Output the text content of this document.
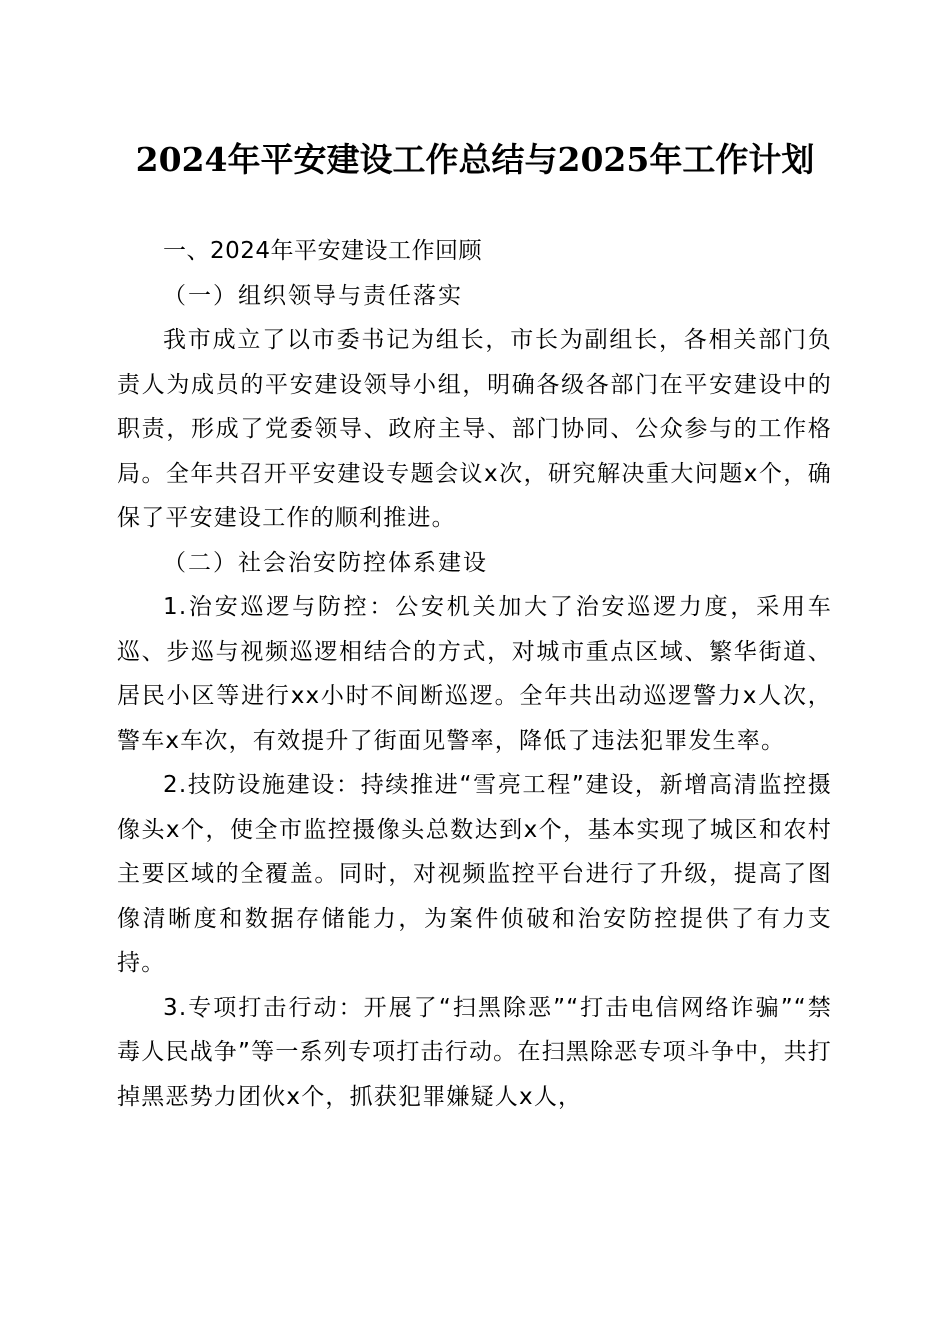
2024年平安建设工作总结与2025年工作计划

一、2024年平安建设工作回顾

（一）组织领导与责任落实

我市成立了以市委书记为组长，市长为副组长，各相关部门负责人为成员的平安建设领导小组，明确各级各部门在平安建设中的职责，形成了党委领导、政府主导、部门协同、公众参与的工作格局。全年共召开平安建设专题会议x次，研究解决重大问题x个，确保了平安建设工作的顺利推进。

（二）社会治安防控体系建设

1.治安巡逻与防控：公安机关加大了治安巡逻力度，采用车巡、步巡与视频巡逻相结合的方式，对城市重点区域、繁华街道、居民小区等进行xx小时不间断巡逻。全年共出动巡逻警力x人次，警车x车次，有效提升了街面见警率，降低了违法犯罪发生率。

2.技防设施建设：持续推进“雪亮工程”建设，新增高清监控摄像头x个，使全市监控摄像头总数达到x个，基本实现了城区和农村主要区域的全覆盖。同时，对视频监控平台进行了升级，提高了图像清晰度和数据存储能力，为案件侦破和治安防控提供了有力支持。

3.专项打击行动：开展了“扫黑除恶”“打击电信网络诈骗”“禁毒人民战争”等一系列专项打击行动。在扫黑除恶专项斗争中，共打掉黑恶势力团伙x个，抓获犯罪嫌疑人x人，
